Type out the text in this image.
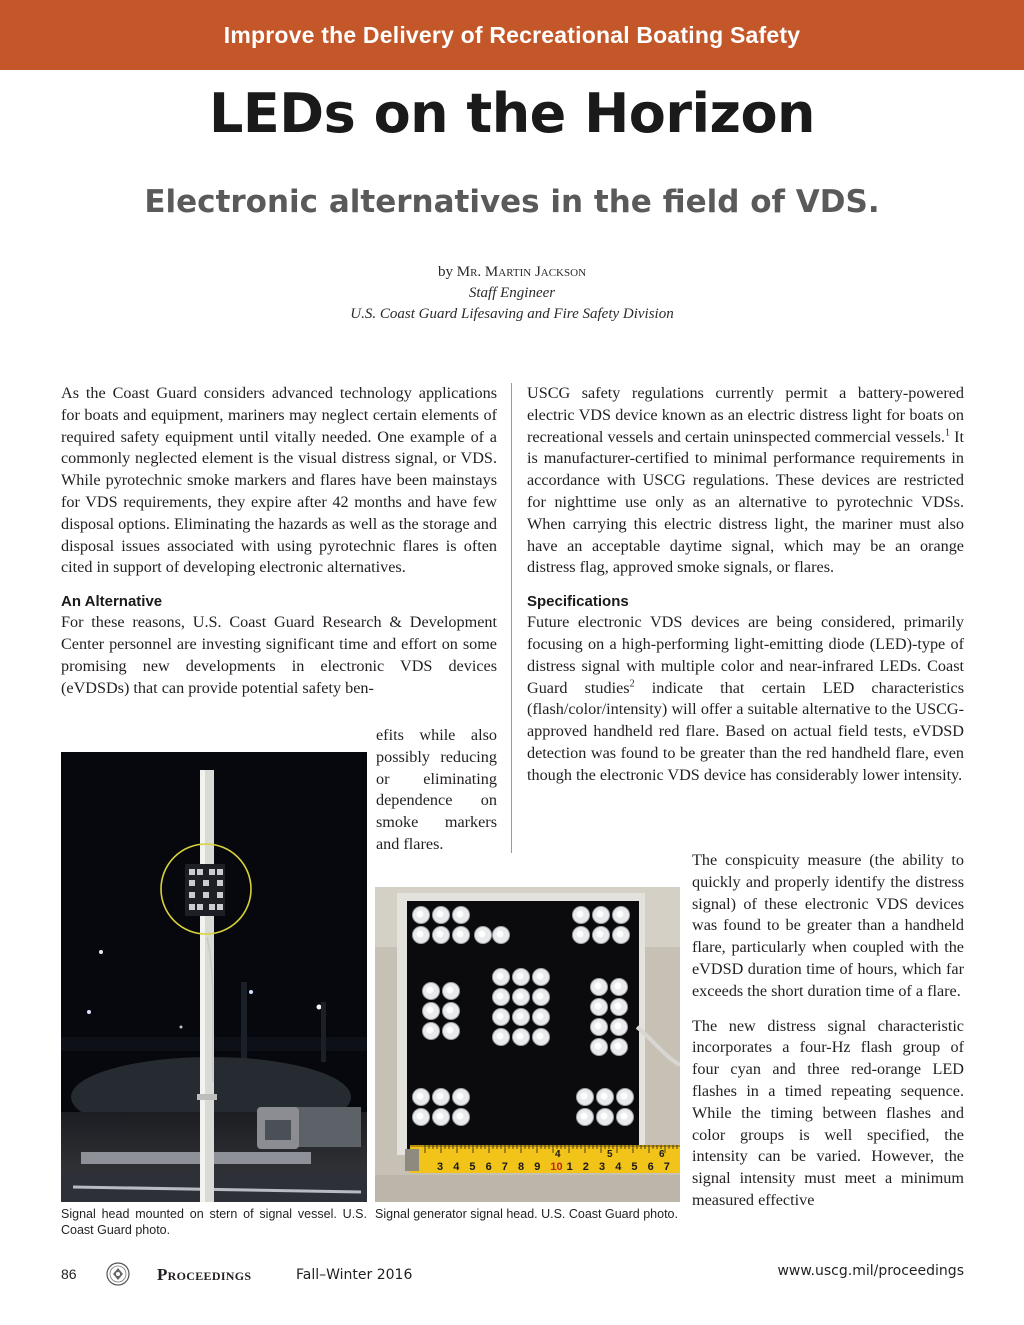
Improve the Delivery of Recreational Boating Safety
LEDs on the Horizon
Electronic alternatives in the field of VDS.
by Mr. Martin Jackson
Staff Engineer
U.S. Coast Guard Lifesaving and Fire Safety Division

As the Coast Guard considers advanced technology applications for boats and equipment, mariners may neglect certain elements of required safety equipment until vitally needed. One example of a commonly neglected element is the visual distress signal, or VDS. While pyrotechnic smoke markers and flares have been mainstays for VDS requirements, they expire after 42 months and have few disposal options. Eliminating the hazards as well as the storage and disposal issues associated with using pyrotechnic flares is often cited in support of developing electronic alternatives.

An Alternative

For these reasons, U.S. Coast Guard Research & Development Center personnel are investing significant time and effort on some promising new developments in electronic VDS devices (eVDSDs) that can provide potential safety ben-

efits while also possibly reducing or eliminating dependence on smoke markers and flares.

USCG safety regulations currently permit a battery-powered electric VDS device known as an electric distress light for boats on recreational vessels and certain uninspected commercial vessels.$^1$ It is manufacturer-certified to minimal performance requirements in accordance with USCG regulations. These devices are restricted for nighttime use only as an alternative to pyrotechnic VDSs. When carrying this electric distress light, the mariner must also have an acceptable daytime signal, which may be an orange distress flag, approved smoke signals, or flares.

Specifications

Future electronic VDS devices are being considered, primarily focusing on a high-performing light-emitting diode (LED)-type of distress signal with multiple color and near-infrared LEDs. Coast Guard studies$^2$ indicate that certain LED characteristics (flash/color/intensity) will offer a suitable alternative to the USCG-approved handheld red flare. Based on actual field tests, eVDSD detection was found to be greater than the red handheld flare, even though the electronic VDS device has considerably lower intensity.

The conspicuity measure (the ability to quickly and properly identify the distress signal) of these electronic VDS devices was found to be greater than a handheld flare, particularly when coupled with the eVDSD duration time of hours, which far exceeds the short duration time of a flare.

The new distress signal characteristic incorporates a four-Hz flash group of four cyan and three red-orange LED flashes in a timed repeating sequence. While the timing between flashes and color groups is well specified, the intensity can be varied. However, the signal intensity must meet a minimum measured effective

4	5	6
3 4 5 6 7 8 9 10 1 2 3 4 5 6 7
Signal head mounted on stern of signal vessel. U.S. Coast Guard photo.
Signal generator signal head. U.S. Coast Guard photo.
86	Proceedings	Fall–Winter 2016	www.uscg.mil/proceedings
